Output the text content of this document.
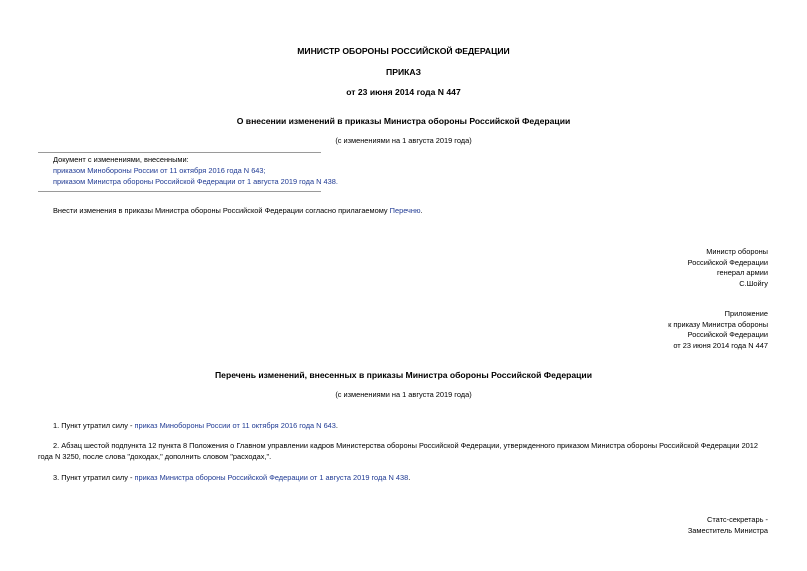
МИНИСТР ОБОРОНЫ РОССИЙСКОЙ ФЕДЕРАЦИИ
ПРИКАЗ
от 23 июня 2014 года N 447
О внесении изменений в приказы Министра обороны Российской Федерации
(с изменениями на 1 августа 2019 года)
Документ с изменениями, внесенными:
приказом Минобороны России от 11 октября 2016 года N 643;
приказом Министра обороны Российской Федерации от 1 августа 2019 года N 438.
Внести изменения в приказы Министра обороны Российской Федерации согласно прилагаемому Перечню.
Министр обороны
Российской Федерации
генерал армии
С.Шойгу
Приложение
к приказу Министра обороны
Российской Федерации
от 23 июня 2014 года N 447
Перечень изменений, внесенных в приказы Министра обороны Российской Федерации
(с изменениями на 1 августа 2019 года)
1. Пункт утратил силу - приказ Минобороны России от 11 октября 2016 года N 643.
2. Абзац шестой подпункта 12 пункта 8 Положения о Главном управлении кадров Министерства обороны Российской Федерации, утвержденного приказом Министра обороны Российской Федерации 2012 года N 3250, после слова "доходах," дополнить словом "расходах,".
3. Пункт утратил силу - приказ Министра обороны Российской Федерации от 1 августа 2019 года N 438.
Статс-секретарь -
Заместитель Министра
